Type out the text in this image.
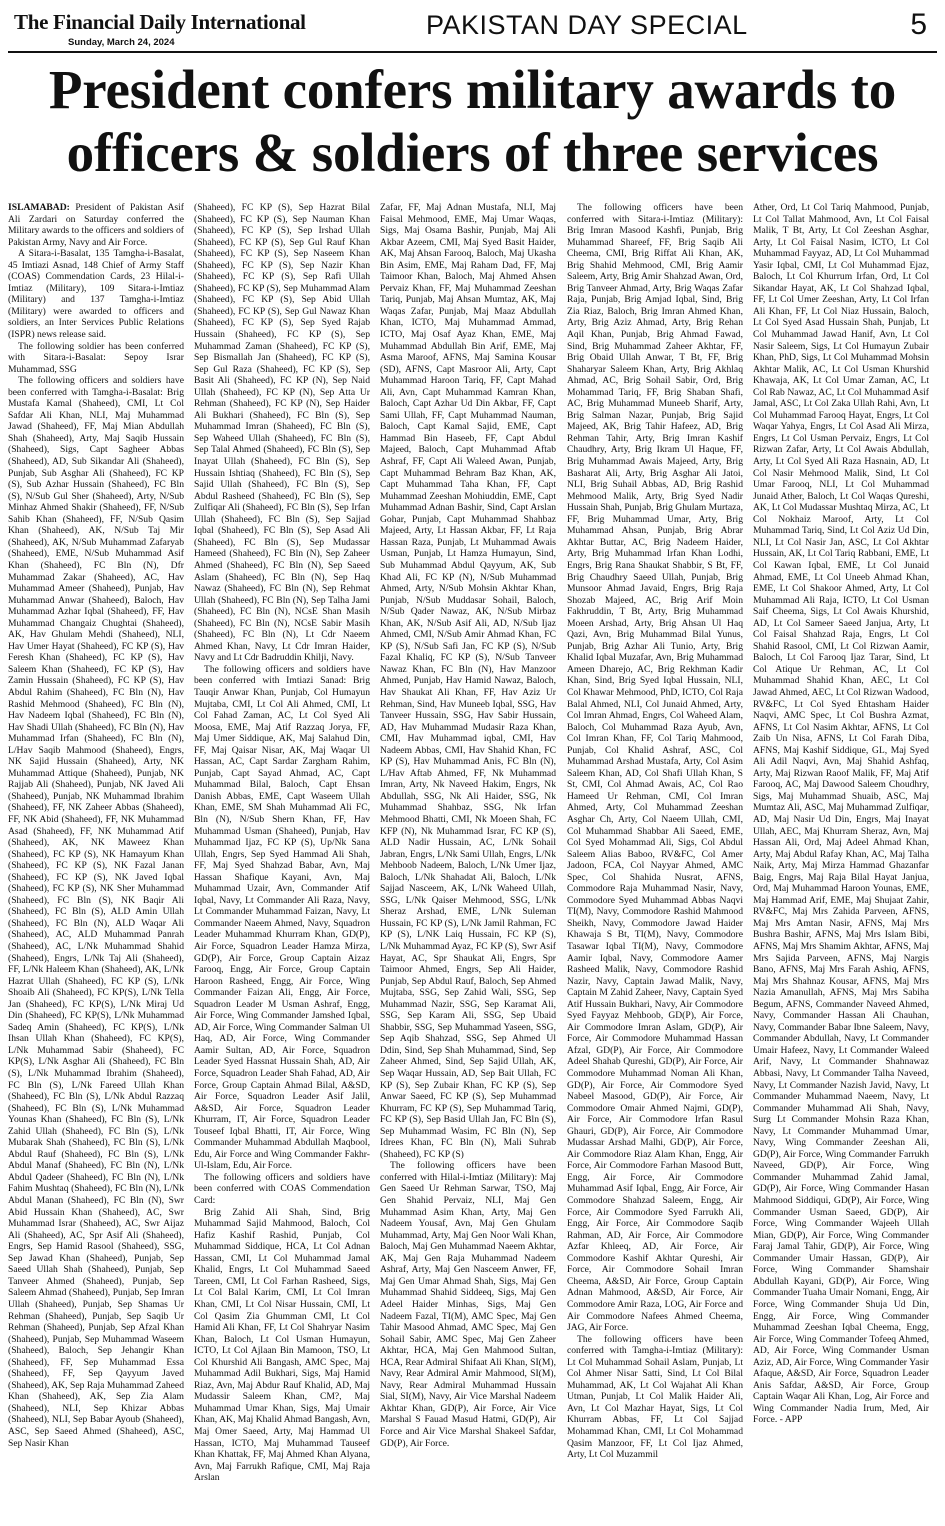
The Financial Daily International
Sunday, March 24, 2024
PAKISTAN DAY SPECIAL	5
President confers military awards to
officers & soldiers of three services

ISLAMABAD: President of Pakistan Asif Ali Zardari on Saturday conferred the Military awards to the officers and soldiers of Pakistan Army, Navy and Air Force.

A Sitara-i-Basalat, 135 Tamgha-i-Basalat, 45 Imtiazi Asnad, 148 Chief of Army Staff (COAS) Commendation Cards, 23 Hilal-i-Imtiaz (Military), 109 Sitara-i-Imtiaz (Military) and 137 Tamgha-i-Imtiaz (Military) were awarded to officers and soldiers, an Inter Services Public Relations (ISPR) news release said.

The following soldier has been conferred with Sitara-i-Basalat: Sepoy Israr Muhammad, SSG

The following officers and soldiers have been conferred with Tamgha-i-Basalat: Brig Mustafa Kamal (Shaheed), CMI, Lt Col Safdar Ali Khan, NLI, Maj Muhammad Jawad (Shaheed), FF, Maj Mian Abdullah Shah (Shaheed), Arty, Maj Saqib Hussain (Shaheed), Sigs, Capt Sagheer Abbas (Shaheed), AD, Sub Sikandar Ali (Shaheed), Punjab, Sub Asghar Ali (Shaheed), FC KP (S), Sub Azhar Hussain (Shaheed), FC Bln (S), N/Sub Gul Sher (Shaheed), Arty, N/Sub Minhaz Ahmed Shakir (Shaheed), FF, N/Sub Sahib Khan (Shaheed), FF, N/Sub Qasim Khan (Shaheed), AK, N/Sub Taj Mir (Shaheed), AK, N/Sub Muhammad Zafaryab (Shaheed), EME, N/Sub Muhammad Asif Khan (Shaheed), FC Bln (N), Dfr Muhammad Zakar (Shaheed), AC, Hav Muhammad Ameer (Shaheed), Punjab, Hav Muhammad Anwar (Shaheed), Baloch, Hav Muhammad Azhar Iqbal (Shaheed), FF, Hav Muhammad Changaiz Chughtai (Shaheed), AK, Hav Ghulam Mehdi (Shaheed), NLI, Hav Umer Hayat (Shaheed), FC KP (S), Hav Feresh Khan (Shaheed), FC KP (S), Hav Saleem Khan (Shaheed), FC KP (S), Hav Zamin Hussain (Shaheed), FC KP (S), Hav Abdul Rahim (Shaheed), FC Bln (N), Hav Rashid Mehmood (Shaheed), FC Bln (N), Hav Nadeem Iqbal (Shaheed), FC Bln (N), Hav Shadi Ullah (Shaheed), FC Bln (N), Hav Muhammad Irfan (Shaheed), FC Bln (N), L/Hav Saqib Mahmood (Shaheed), Engrs, NK Sajid Hussain (Shaheed), Arty, NK Muhammad Attique (Shaheed), Punjab, NK Rajjab Ali (Shaheed), Punjab, NK Javed Ali (Shaheed), Punjab, NK Muhammad Ibrahim (Shaheed), FF, NK Zaheer Abbas (Shaheed), FF, NK Abid (Shaheed), FF, NK Muhammad Asad (Shaheed), FF, NK Muhammad Atif (Shaheed), AK, NK Maweez Khan (Shaheed), FC KP (S), NK Hamayum Khan (Shaheed), FC KP (S), NK Fazal Janan (Shaheed), FC KP (S), NK Javed Iqbal (Shaheed), FC KP (S), NK Sher Muhammad (Shaheed), FC Bln (S), NK Baqir Ali (Shaheed), FC Bln (S), ALD Amin Ullah (Shaheed), FC Bln (N), ALD Waqar Ali (Shaheed), AC, ALD Muhammad Panrah (Shaheed), AC, L/Nk Muhammad Shahid (Shaheed), Engrs, L/Nk Taj Ali (Shaheed), FF, L/Nk Haleem Khan (Shaheed), AK, L/Nk Hazrat Ullah (Shaheed), FC KP (S), L/Nk Shoaib Ali (Shaheed), FC KP(S), L/Nk Tella Jan (Shaheed), FC KP(S), L/Nk Miraj Ud Din (Shaheed), FC KP(S), L/Nk Muhammad Sadeq Amin (Shaheed), FC KP(S), L/Nk Ihsan Ullah Khan (Shaheed), FC KP(S), L/Nk Muhammad Sabir (Shaheed), FC KP(S), L/Nk Asghar Ali (Shaheed), FC Bln (S), L/Nk Muhammad Ibrahim (Shaheed), FC Bln (S), L/Nk Fareed Ullah Khan (Shaheed), FC Bln (S), L/Nk Abdul Razzaq (Shaheed), FC Bln (S), L/Nk Muhammad Younas Khan (Shaheed), FC Bln (S), L/Nk Zahid Ullah (Shaheed), FC Bln (S), L/Nk Mubarak Shah (Shaheed), FC Bln (S), L/Nk Abdul Rauf (Shaheed), FC Bln (S), L/Nk Abdul Manaf (Shaheed), FC Bln (N), L/Nk Abdul Qadeer (Shaheed), FC Bln (N), L/Nk Fahim Mushtaq (Shaheed), FC Bln (N), L/Nk Abdul Manan (Shaheed), FC Bln (N), Swr Abid Hussain Khan (Shaheed), AC, Swr Muhammad Israr (Shaheed), AC, Swr Aijaz Ali (Shaheed), AC, Spr Asif Ali (Shaheed), Engrs, Sep Hamid Rasool (Shaheed), SSG, Sep Jawad Khan (Shaheed), Punjab, Sep Saeed Ullah Shah (Shaheed), Punjab, Sep Tanveer Ahmed (Shaheed), Punjab, Sep Saleem Ahmad (Shaheed), Punjab, Sep Imran Ullah (Shaheed), Punjab, Sep Shamas Ur Rehman (Shaheed), Punjab, Sep Saqib Ur Rehman (Shaheed), Punjab, Sep Afzal Khan (Shaheed), Punjab, Sep Muhammad Waseem (Shaheed), Baloch, Sep Jehangir Khan (Shaheed), FF, Sep Muhammad Essa (Shaheed), FF, Sep Qayyum Javed (Shaheed), AK, Sep Raja Muhammad Zaheed Khan (Shaheed), AK, Sep Zia Alam (Shaheed), NLI, Sep Khizar Abbas (Shaheed), NLI, Sep Babar Ayoub (Shaheed), ASC, Sep Saeed Ahmed (Shaheed), ASC, Sep Nasir Khan

(Shaheed), FC KP (S), Sep Hazrat Bilal (Shaheed), FC KP (S), Sep Nauman Khan (Shaheed), FC KP (S), Sep Irshad Ullah (Shaheed), FC KP (S), Sep Gul Rauf Khan (Shaheed), FC KP (S), Sep Naseem Khan (Shaheed), FC KP (S), Sep Nazir Khan (Shaheed), FC KP (S), Sep Rafi Ullah (Shaheed), FC KP (S), Sep Muhammad Alam (Shaheed), FC KP (S), Sep Abid Ullah (Shaheed), FC KP (S), Sep Gul Nawaz Khan (Shaheed), FC KP (S), Sep Syed Rajab Hussain (Shaheed), FC KP (S), Sep Muhammad Zaman (Shaheed), FC KP (S), Sep Bismallah Jan (Shaheed), FC KP (S), Sep Gul Raza (Shaheed), FC KP (S), Sep Basit Ali (Shaheed), FC KP (N), Sep Naid Ullah (Shaheed), FC KP (N), Sep Atta Ur Rehman (Shaheed), FC KP (N), Sep Haider Ali Bukhari (Shaheed), FC Bln (S), Sep Muhammad Imran (Shaheed), FC Bln (S), Sep Waheed Ullah (Shaheed), FC Bln (S), Sep Talal Ahmed (Shaheed), FC Bln (S), Sep Inayat Ullah (Shaheed), FC Bln (S), Sep Hussain Ishtiaq (Shaheed), FC Bln (S), Sep Sajid Ullah (Shaheed), FC Bln (S), Sep Abdul Rasheed (Shaheed), FC Bln (S), Sep Zulfiqar Ali (Shaheed), FC Bln (S), Sep Irfan Ullah (Shaheed), FC Bln (S), Sep Sajjad Iqbal (Shaheed), FC Bln (S), Sep Asad Ali (Shaheed), FC Bln (S), Sep Mudassar Hameed (Shaheed), FC Bln (N), Sep Zaheer Ahmed (Shaheed), FC Bln (N), Sep Saeed Aslam (Shaheed), FC Bln (N), Sep Haq Nawaz (Shaheed), FC Bln (N), Sep Rehmat Ullah (Shaheed), FC Bln (N), Sep Talha Jami (Shaheed), FC Bln (N), NCsE Shan Masih (Shaheed), FC Bln (N), NCsE Sabir Masih (Shaheed), FC Bln (N), Lt Cdr Naeem Ahmed Khan, Navy, Lt Cdr Imran Haider, Navy and Lt Cdr Badruddin Khilji, Navy.

The following officers and soldiers have been conferred with Imtiazi Sanad: Brig Tauqir Anwar Khan, Punjab, Col Humayun Mujtaba, CMI, Lt Col Ali Ahmed, CMI, Lt Col Fahad Zaman, AC, Lt Col Syed Ali Moosa, EME, Maj Atif Razzaq Jorya, FF, Maj Umer Siddique, AK, Maj Salahud Din, FF, Maj Qaisar Nisar, AK, Maj Waqar Ul Hassan, AC, Capt Sardar Zargham Rahim, Punjab, Capt Sayad Ahmad, AC, Capt Muhammad Bilal, Baloch, Capt Ehsan Danish Abbas, EME, Capt Waseem Ullah Khan, EME, SM Shah Muhammad Ali FC, Bln (N), N/Sub Shern Khan, FF, Hav Muhammad Usman (Shaheed), Punjab, Hav Muhammad Ijaz, FC KP (S), Up/Nk Sana Ullah, Engrs, Sep Syed Hammad Ali Shah, FF, Maj Syed Shahzad Babar, Avn, Maj Hassan Shafique Kayani, Avn, Maj Muhammad Uzair, Avn, Commander Atif Iqbal, Navy, Lt Commander Ali Raza, Navy, Lt Commander Muhammad Faizan, Navy, Lt Commander Naeem Ahmed, Navy, Squadron Leader Muhammad Khurram Khan, GD(P), Air Force, Squadron Leader Hamza Mirza, GD(P), Air Force, Group Captain Aizaz Farooq, Engg, Air Force, Group Captain Haroon Rasheed, Engg, Air Force, Wing Commander Faizan Ali, Engg, Air Force, Squadron Leader M Usman Ashraf, Engg, Air Force, Wing Commander Jamshed Iqbal, AD, Air Force, Wing Commander Salman Ul Haq, AD, Air Force, Wing Commander Aamir Sultan, AD, Air Force, Squadron Leader Syed Hassnat Hussain Shah, AD, Air Force, Squadron Leader Shah Fahad, AD, Air Force, Group Captain Ahmad Bilal, A&SD, Air Force, Squadron Leader Asif Jalil, A&SD, Air Force, Squadron Leader Khurram, IT, Air Force, Squadron Leader Touseef Iqbal Bhatti, IT, Air Force, Wing Commander Muhammad Abdullah Maqbool, Edu, Air Force and Wing Commander Fakhr-Ul-Islam, Edu, Air Force.

The following officers and soldiers have been conferred with COAS Commendation Card:

Brig Zahid Ali Shah, Sind, Brig Muhammad Sajid Mahmood, Baloch, Col Hafiz Kashif Rashid, Punjab, Col Muhammad Siddique, HCA, Lt Col Adnan Hassan, CMI, Lt Col Muhammad Jamal Khalid, Engrs, Lt Col Muhammad Saeed Tareen, CMI, Lt Col Farhan Rasheed, Sigs, Lt Col Balal Karim, CMI, Lt Col Imran Khan, CMI, Lt Col Nisar Hussain, CMI, Lt Col Qasim Zia Ghumman CMI, Lt Col Hamid Ali Khan, FF, Lt Col Shahryar Nasim Khan, Baloch, Lt Col Usman Humayun, ICTO, Lt Col Ajlaan Bin Mamoon, TSO, Lt Col Khurshid Ali Bangash, AMC Spec, Maj Muhammad Adil Bukhari, Sigs, Maj Hamid Riaz, Avn, Maj Abdur Rauf Khalid, AD, Maj Mudassir Saleem Khan, CM?, Maj Muhammad Umar Khan, Sigs, Maj Umair Khan, AK, Maj Khalid Ahmad Bangash, Avn, Maj Omer Saeed, Arty, Maj Hammad Ul Hassan, ICTO, Maj Muhammad Tauseef Khan Khattak, FF, Maj Ahmed Khan Alyana, Avn, Maj Farrukh Rafique, CMI, Maj Raja Arslan

Zafar, FF, Maj Adnan Mustafa, NLI, Maj Faisal Mehmood, EME, Maj Umar Waqas, Sigs, Maj Osama Bashir, Punjab, Maj Ali Akbar Azeem, CMI, Maj Syed Basit Haider, AK, Maj Ahsan Farooq, Baloch, Maj Ukasha Bin Asim, EME, Maj Raham Dad, FF, Maj Taimoor Khan, Baloch, Maj Ahmed Ahsen Pervaiz Khan, FF, Maj Muhammad Zeeshan Tariq, Punjab, Maj Ahsan Mumtaz, AK, Maj Waqas Zafar, Punjab, Maj Maaz Abdullah Khan, ICTO, Maj Muhammad Ammad, ICTO, Maj Osaf Ayaz Khan, EME, Maj Muhammad Abdullah Bin Arif, EME, Maj Asma Maroof, AFNS, Maj Samina Kousar (SD), AFNS, Capt Masroor Ali, Arty, Capt Muhammad Haroon Tariq, FF, Capt Mahad Ali, Avn, Capt Muhammad Kamran Khan, Baloch, Capt Azhar Ud Din Akbar, FF, Capt Sami Ullah, FF, Capt Muhammad Nauman, Baloch, Capt Kamal Sajid, EME, Capt Hammad Bin Haseeb, FF, Capt Abdul Majeed, Baloch, Capt Muhammad Aftab Ashraf, FF, Capt Ali Waleed Awan, Punjab, Capt Muhammad Behram Baz Khan, AK, Capt Muhammad Taha Khan, FF, Capt Muhammad Zeeshan Mohiuddin, EME, Capt Muhammad Adnan Bashir, Sind, Capt Arslan Gohar, Punjab, Capt Muhammad Shahbaz Majeed, Arty, Lt Hassan Akbar, FF, Lt Raja Hassan Raza, Punjab, Lt Muhammad Awais Usman, Punjab, Lt Hamza Humayun, Sind, Sub Muhammad Abdul Qayyum, AK, Sub Khad Ali, FC KP (N), N/Sub Muhammad Ahmed, Arty, N/Sub Mohsin Akhtar Khan, Punjab, N/Sub Muddasar Sohail, Baloch, N/Sub Qader Nawaz, AK, N/Sub Mirbaz Khan, AK, N/Sub Asif Ali, AD, N/Sub Ijaz Ahmed, CMI, N/Sub Amir Ahmad Khan, FC KP (S), N/Sub Safi Jan, FC KP (S), N/Sub Fazal Khaliq, FC KP (S), N/Sub Tanveer Nawaz Khan, FC Bln (N), Hav Manzoor Ahmed, Punjab, Hav Hamid Nawaz, Baloch, Hav Shaukat Ali Khan, FF, Hav Aziz Ur Rehman, Sind, Hav Muneeb Iqbal, SSG, Hav Tanveer Hussain, SSG, Hav Sabir Hussain, AD, Hav Muhammad Mudasir Raza Khan, CMI, Hav Muhammad iqbal, CMI, Hav Nadeem Abbas, CMI, Hav Shahid Khan, FC KP (S), Hav Muhammad Anis, FC Bln (N), L/Hav Aftab Ahmed, FF, Nk Muhammad Imran, Arty, Nk Naveed Hakim, Engrs, Nk Abdullah, SSG, Nk Ali Haider, SSG, Nk Muhammad Shahbaz, SSG, Nk Irfan Mehmood Bhatti, CMI, Nk Moeen Shah, FC KFP (N), Nk Muhammad Israr, FC KP (S), ALD Nadir Hussain, AC, L/Nk Sohail Jabran, Engrs, L/Nk Sami Ullah, Engrs, L/Nk Mehboob Nadeem, Baloch, L/Nk Umer Ijaz, Baloch, L/Nk Shahadat Ali, Baloch, L/Nk Sajjad Nasceem, AK, L/Nk Waheed Ullah, SSG, L/Nk Qaiser Mehmood, SSG, L/Nk Sheraz Arshad, EME, L/Nk Suleman Hussain, FC KP (S), L/Nk Jamil Rahman, FC KP (S), L/NK Laiq Hussain, FC KP (S), L/Nk Muhammad Ayaz, FC KP (S), Swr Asif Hayat, AC, Spr Shaukat Ali, Engrs, Spr Taimoor Ahmed, Engrs, Sep Ali Haider, Punjab, Sep Abdul Rauf, Baloch, Sep Ahmed Mujtaba, SSG, Sep Zahid Wali, SSG, Sep Muhammad Nazir, SSG, Sep Karamat Ali, SSG, Sep Karam Ali, SSG, Sep Ubaid Shabbir, SSG, Sep Muhammad Yaseen, SSG, Sep Aqib Shahzad, SSG, Sep Ahmed Ul Ddin, Sind, Sep Shah Muhammad, Sind, Sep Zaheer Ahmed, Sind, Sep Sajid Ullah, AK, Sep Waqar Hussain, AD, Sep Bait Ullah, FC KP (S), Sep Zubair Khan, FC KP (S), Sep Anwar Saeed, FC KP (S), Sep Muhammad Khurram, FC KP (S), Sep Muhammad Tariq, FC KP (S), Sep Basid Ullah Jan, FC Bln (S), Sep Muhammad Wasim, FC Bln (N), Sep Idrees Khan, FC Bln (N), Mali Suhrab (Shaheed), FC KP (S)

The following officers have been conferred with Hilal-i-Imtiaz (Military): Maj Gen Saeed Ur Rehman Sarwar, TSO, Maj Gen Shahid Pervaiz, NLI, Maj Gen Muhammad Asim Khan, Arty, Maj Gen Nadeem Yousaf, Avn, Maj Gen Ghulam Muhammad, Arty, Maj Gen Noor Wali Khan, Baloch, Maj Gen Muhammad Naeem Akhtar, AK, Maj Gen Raja Muhammad Nadeem Ashraf, Arty, Maj Gen Nasceem Anwer, FF, Maj Gen Umar Ahmad Shah, Sigs, Maj Gen Muhammad Shahid Siddeeq, Sigs, Maj Gen Adeel Haider Minhas, Sigs, Maj Gen Nadeem Fazal, TI(M), AMC Spec, Maj Gen Tahir Masood Ahmad, AMC Spec, Maj Gen Sohail Sabir, AMC Spec, Maj Gen Zaheer Akhtar, HCA, Maj Gen Mahmood Sultan, HCA, Rear Admiral Shifaat Ali Khan, SI(M), Navy, Rear Admiral Amir Mahmood, SI(M), Navy, Rear Admiral Muhammad Hussain Sial, SI(M), Navy, Air Vice Marshal Nadeem Akhtar Khan, GD(P), Air Force, Air Vice Marshal S Fauad Masud Hatmi, GD(P), Air Force and Air Vice Marshal Shakeel Safdar, GD(P), Air Force.

The following officers have been conferred with Sitara-i-Imtiaz (Military): Brig Imran Masood Kashfi, Punjab, Brig Muhammad Shareef, FF, Brig Saqib Ali Cheema, CMI, Brig Riffat Ali Khan, AK, Brig Shahid Mehmood, CMI, Brig Aamir Saleem, Arty, Brig Amir Shahzad Awan, Ord, Brig Tanveer Ahmad, Arty, Brig Waqas Zafar Raja, Punjab, Brig Amjad Iqbal, Sind, Brig Zia Riaz, Baloch, Brig Imran Ahmed Khan, Arty, Brig Aziz Ahmad, Arty, Brig Rehan Aqil Khan, Punjab, Brig Ahmad Fawad, Sind, Brig Muhammad Zaheer Akhtar, FF, Brig Obaid Ullah Anwar, T Bt, FF, Brig Shaharyar Saleem Khan, Arty, Brig Akhlaq Ahmad, AC, Brig Sohail Sabir, Ord, Brig Mohammad Tariq, FF, Brig Shaban Shafi, AC, Brig Muhammad Muneeb Sharif, Arty, Brig Salman Nazar, Punjab, Brig Sajid Majeed, AK, Brig Tahir Hafeez, AD, Brig Rehman Tahir, Arty, Brig Imran Kashif Chaudhry, Arty, Brig Ikram Ul Haque, FF, Brig Muhammad Awais Majeed, Arty, Brig Basharat Ali, Arty, Brig Asghar Ali Jatoi, NLI, Brig Suhail Abbas, AD, Brig Rashid Mehmood Malik, Arty, Brig Syed Nadir Hussain Shah, Punjab, Brig Ghulam Murtaza, FF, Brig Muhammad Umar, Arty, Brig Muhammad Ahsan, Punjab, Brig Abrar Akhtar Buttar, AC, Brig Nadeem Haider, Arty, Brig Muhammad Irfan Khan Lodhi, Engrs, Brig Rana Shaukat Shabbir, S Bt, FF, Brig Chaudhry Saeed Ullah, Punjab, Brig Munsoor Ahmad Javaid, Engrs, Brig Raja Shozab Majeed, AC, Brig Arif Moin Fakhruddin, T Bt, Arty, Brig Muhammad Moeen Arshad, Arty, Brig Ahsan Ul Haq Qazi, Avn, Brig Muhammad Bilal Yunus, Punjab, Brig Azhar Ali Tunio, Arty, Brig Khalid Iqbal Muzafar, Avn, Brig Muhammad Ameen Dharejo, AC, Brig Rekhman Kadir Khan, Sind, Brig Syed Iqbal Hussain, NLI, Col Khawar Mehmood, PhD, ICTO, Col Raja Balal Ahmed, NLI, Col Junaid Ahmed, Arty, Col Imran Ahmad, Engrs, Col Waheed Alam, Baloch, Col Muhammad Raza Ayub, Avn, Col Imran Khan, FF, Col Tariq Mahmood, Punjab, Col Khalid Ashraf, ASC, Col Muhammad Arshad Mustafa, Arty, Col Asim Saleem Khan, AD, Col Shafi Ullah Khan, S St, CMI, Col Ahmad Awais, AC, Col Rao Hameed Ur Rehman, CMI, Col Imran Ahmed, Arty, Col Muhammad Zeeshan Asghar Ch, Arty, Col Naeem Ullah, CMI, Col Muhammad Shabbar Ali Saeed, EME, Col Syed Mohammad Ali, Sigs, Col Abdul Saleem Alias Baboo, RV&FC, Col Amer Jadoon, FCA, Col Nayyar Ahmed, AMC Spec, Col Shahida Nusrat, AFNS, Commodore Raja Muhammad Nasir, Navy, Commodore Syed Muhammad Abbas Naqvi TI(M), Navy, Commodore Rashid Mahmood Sheikh, Navy, Commodore Jawad Haider Khawaja S Bt, TI(M), Navy, Commodore Tasawar Iqbal TI(M), Navy, Commodore Aamir Iqbal, Navy, Commodore Aamer Rasheed Malik, Navy, Commodore Rashid Nazir, Navy, Captain Jawad Malik, Navy, Captain M Zahid Zaheer, Navy, Captain Syed Atif Hussain Bukhari, Navy, Air Commodore Syed Fayyaz Mehboob, GD(P), Air Force, Air Commodore Imran Aslam, GD(P), Air Force, Air Commodore Muhammad Hassan Afzal, GD(P), Air Force, Air Commodore Adeel Shahab Qureshi, GD(P), Air Force, Air Commodore Muhammad Noman Ali Khan, GD(P), Air Force, Air Commodore Syed Nabeel Masood, GD(P), Air Force, Air Commodore Omair Ahmed Najmi, GD(P), Air Force, Air Commodore Irfan Rasul Ghauri, GD(P), Air Force, Air Commodore Mudassar Arshad Malhi, GD(P), Air Force, Air Commodore Riaz Alam Khan, Engg, Air Force, Air Commodore Farhan Masood Butt, Engg, Air Force, Air Commodore Muhammad Asif Iqbal, Engg, Air Force, Air Commodore Shahzad Saleem, Engg, Air Force, Air Commodore Syed Farrukh Ali, Engg, Air Force, Air Commodore Saqib Rahman, AD, Air Force, Air Commodore Azfar Khleeq, AD, Air Force, Air Commodore Kashif Akhtar Qureshi, Air Force, Air Commodore Sohail Imran Cheema, A&SD, Air Force, Group Captain Adnan Mahmood, A&SD, Air Force, Air Commodore Amir Raza, LOG, Air Force and Air Commodore Nafees Ahmed Cheema, JAG, Air Force.

The following officers have been conferred with Tamgha-i-Imtiaz (Military): Lt Col Muhammad Sohail Aslam, Punjab, Lt Col Ahmer Nisar Satti, Sind, Lt Col Bilal Muhammad, AK, Lt Col Wajahat Ali Khan Utman, Punjab, Lt Col Malik Haider Ali, Avn, Lt Col Mazhar Hayat, Sigs, Lt Col Khurram Abbas, FF, Lt Col Sajjad Mohammad Khan, CMI, Lt Col Mohammad Qasim Manzoor, FF, Lt Col Ijaz Ahmed, Arty, Lt Col Muzammil

Ather, Ord, Lt Col Tariq Mahmood, Punjab, Lt Col Tallat Mahmood, Avn, Lt Col Faisal Malik, T Bt, Arty, Lt Col Zeeshan Asghar, Arty, Lt Col Faisal Nasim, ICTO, Lt Col Muhammad Fayyaz, AD, Lt Col Muhammad Yasir Iqbal, CMI, Lt Col Muhammad Ejaz, Baloch, Lt Col Khurrum Irfan, Ord, Lt Col Sikandar Hayat, AK, Lt Col Shahzad Iqbal, FF, Lt Col Umer Zeeshan, Arty, Lt Col Irfan Ali Khan, FF, Lt Col Niaz Hussain, Baloch, Lt Col Syed Asad Hussain Shah, Punjab, Lt Col Muhammad Jawad Hanif, Avn, Lt Col Nasir Saleem, Sigs, Lt Col Humayun Zubair Khan, PhD, Sigs, Lt Col Muhammad Mohsin Akhtar Malik, AC, Lt Col Usman Khurshid Khawaja, AK, Lt Col Umar Zaman, AC, Lt Col Rab Nawaz, AC, Lt Col Muhammad Asif Jamal, ASC, Lt Col Zaka Ullah Rahi, Avn, Lt Col Muhammad Farooq Hayat, Engrs, Lt Col Waqar Yahya, Engrs, Lt Col Asad Ali Mirza, Engrs, Lt Col Usman Pervaiz, Engrs, Lt Col Rizwan Zafar, Arty, Lt Col Awais Abdullah, Arty, Lt Col Syed Ali Raza Hasnain, AD, Lt Col Nasir Mehmood Malik, Sind, Lt Col Umar Farooq, NLI, Lt Col Muhammad Junaid Ather, Baloch, Lt Col Waqas Qureshi, AK, Lt Col Mudassar Mushtaq Mirza, AC, Lt Col Nokhaiz Maroof, Arty, Lt Col Muhammad Tariq, Sind, Lt Col Aziz Ud Din, NLI, Lt Col Nasir Jan, ASC, Lt Col Akhtar Hussain, AK, Lt Col Tariq Rabbani, EME, Lt Col Kawan Iqbal, EME, Lt Col Junaid Ahmad, EME, Lt Col Uneeb Ahmad Khan, EME, Lt Col Shakoor Ahmed, Arty, Lt Col Muhammad Ali Raja, ICTO, Lt Col Usman Saif Cheema, Sigs, Lt Col Awais Khurshid, AD, Lt Col Sameer Saeed Janjua, Arty, Lt Col Faisal Shahzad Raja, Engrs, Lt Col Shahid Rasool, CMI, Lt Col Rizwan Aamir, Baloch, Lt Col Farooq Ijaz Tarar, Sind, Lt Col Atique Ur Rehman, AC, Lt Col Muhammad Shahid Khan, AEC, Lt Col Jawad Ahmed, AEC, Lt Col Rizwan Wadood, RV&FC, Lt Col Syed Ehtasham Haider Naqvi, AMC Spec, Lt Col Bushra Azmat, AFNS, Lt Col Nasim Akhtar, AFNS, Lt Col Zaib Un Nisa, AFNS, Lt Col Farah Diba, AFNS, Maj Kashif Siddique, GL, Maj Syed Ali Adil Naqvi, Avn, Maj Shahid Ashfaq, Arty, Maj Rizwan Raoof Malik, FF, Maj Atif Farooq, AC, Maj Dawood Saleem Choudhry, Sigs, Maj Muhammad Shuaib, ASC, Maj Mumtaz Ali, ASC, Maj Muhammad Zulfiqar, AD, Maj Nasir Ud Din, Engrs, Maj Inayat Ullah, AEC, Maj Khurram Sheraz, Avn, Maj Hassan Ali, Ord, Maj Adeel Ahmad Khan, Arty, Maj Abdul Rafay Khan, AC, Maj Talha Naik, Arty, Maj Mirza Hammad Ghazanfar Baig, Engrs, Maj Raja Bilal Hayat Janjua, Ord, Maj Muhammad Haroon Younas, EME, Maj Hammad Arif, EME, Maj Shujaat Zahir, RV&FC, Maj Mrs Zahida Parveen, AFNS, Maj Mrs Amtan Nasir, AFNS, Maj Mrs Bushra Bashir, AFNS, Maj Mrs Islam Bibi, AFNS, Maj Mrs Shamim Akhtar, AFNS, Maj Mrs Sajida Parveen, AFNS, Maj Nargis Bano, AFNS, Maj Mrs Farah Ashiq, AFNS, Maj Mrs Shahnaz Kousar, AFNS, Maj Mrs Nazia Amanullah, AFNS, Maj Mrs Sabiha Begum, AFNS, Commander Naveed Ahmed, Navy, Commander Hassan Ali Chauhan, Navy, Commander Babar Ibne Saleem, Navy, Commander Abdullah, Navy, Lt Commander Umair Hafeez, Navy, Lt Commander Waleed Arif, Navy, Lt Commander Shahnawaz Abbasi, Navy, Lt Commander Talha Naveed, Navy, Lt Commander Nazish Javid, Navy, Lt Commander Muhammad Naeem, Navy, Lt Commander Muhammad Ali Shah, Navy, Surg Lt Commander Mohsin Raza Khan, Navy, Lt Commander Muhammad Umar, Navy, Wing Commander Zeeshan Ali, GD(P), Air Force, Wing Commander Farrukh Naveed, GD(P), Air Force, Wing Commander Muhammad Zahid Jamal, GD(P), Air Force, Wing Commander Hasan Mahmood Siddiqui, GD(P), Air Force, Wing Commander Usman Saeed, GD(P), Air Force, Wing Commander Wajeeh Ullah Mian, GD(P), Air Force, Wing Commander Faraj Jamal Tahir, GD(P), Air Force, Wing Commander Umair Hassan, GD(P), Air Force, Wing Commander Shamshair Abdullah Kayani, GD(P), Air Force, Wing Commander Tuaha Umair Nomani, Engg, Air Force, Wing Commander Shuja Ud Din, Engg, Air Force, Wing Commander Muhammad Zeeshan Iqbal Cheema, Engg, Air Force, Wing Commander Tofeeq Ahmed, AD, Air Force, Wing Commander Usman Aziz, AD, Air Force, Wing Commander Yasir Afaque, A&SD, Air Force, Squadron Leader Anis Safdar, A&SD, Air Force, Group Captain Waqar Ali Khan, Log, Air Force and Wing Commander Nadia Irum, Med, Air Force. - APP
